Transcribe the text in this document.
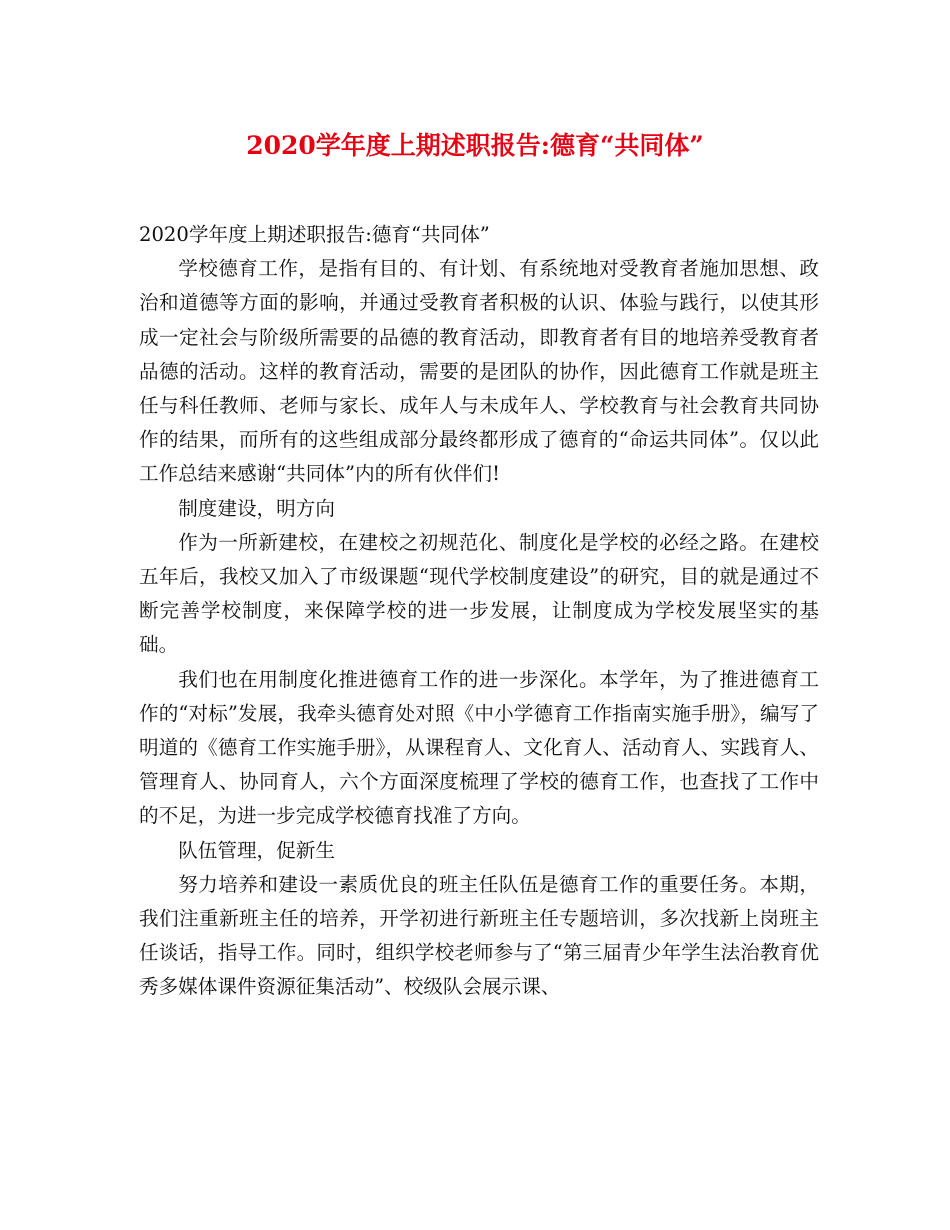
2020学年度上期述职报告:德育“共同体”

2020学年度上期述职报告:德育“共同体”

学校德育工作，是指有目的、有计划、有系统地对受教育者施加思想、政治和道德等方面的影响，并通过受教育者积极的认识、体验与践行，以使其形成一定社会与阶级所需要的品德的教育活动，即教育者有目的地培养受教育者品德的活动。这样的教育活动，需要的是团队的协作，因此德育工作就是班主任与科任教师、老师与家长、成年人与未成年人、学校教育与社会教育共同协作的结果，而所有的这些组成部分最终都形成了德育的“命运共同体”。仅以此工作总结来感谢“共同体”内的所有伙伴们!

制度建设，明方向

作为一所新建校，在建校之初规范化、制度化是学校的必经之路。在建校五年后，我校又加入了市级课题“现代学校制度建设”的研究，目的就是通过不断完善学校制度，来保障学校的进一步发展，让制度成为学校发展坚实的基础。

我们也在用制度化推进德育工作的进一步深化。本学年，为了推进德育工作的“对标”发展，我牵头德育处对照《中小学德育工作指南实施手册》，编写了明道的《德育工作实施手册》，从课程育人、文化育人、活动育人、实践育人、管理育人、协同育人，六个方面深度梳理了学校的德育工作，也查找了工作中的不足，为进一步完成学校德育找准了方向。

队伍管理，促新生

努力培养和建设一素质优良的班主任队伍是德育工作的重要任务。本期，我们注重新班主任的培养，开学初进行新班主任专题培训，多次找新上岗班主任谈话，指导工作。同时，组织学校老师参与了“第三届青少年学生法治教育优秀多媒体课件资源征集活动”、校级队会展示课、
